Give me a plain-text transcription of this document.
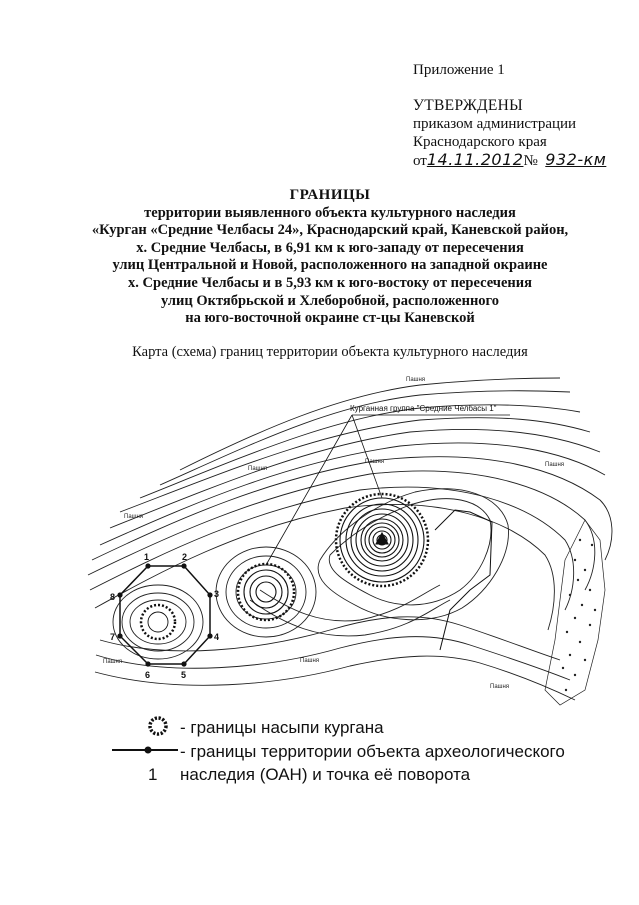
Приложение 1
УТВЕРЖДЕНЫ
приказом администрации
Краснодарского края
от14.11.2012№ 932-км
ГРАНИЦЫ
территории выявленного объекта культурного наследия
«Курган «Средние Челбасы 24», Краснодарский край, Каневской район,
х. Средние Челбасы, в 6,91 км к юго-западу от пересечения
улиц Центральной и Новой, расположенного на западной окраине
х. Средние Челбасы и в 5,93 км к юго-востоку от пересечения
улиц Октябрьской и Хлеборобной, расположенного
на юго-восточной окраине ст-цы Каневской
Карта (схема) границ территории объекта культурного наследия
1	2
3
4
5
6
7
8
Курганная группа "Средние Челбасы 1"
Пашня
Пашня
Пашня
Пашня
Пашня
Пашня	Пашня
Пашня
- границы насыпи кургана
- границы территории объекта археологического
1 наследия (ОАН) и точка её поворота
